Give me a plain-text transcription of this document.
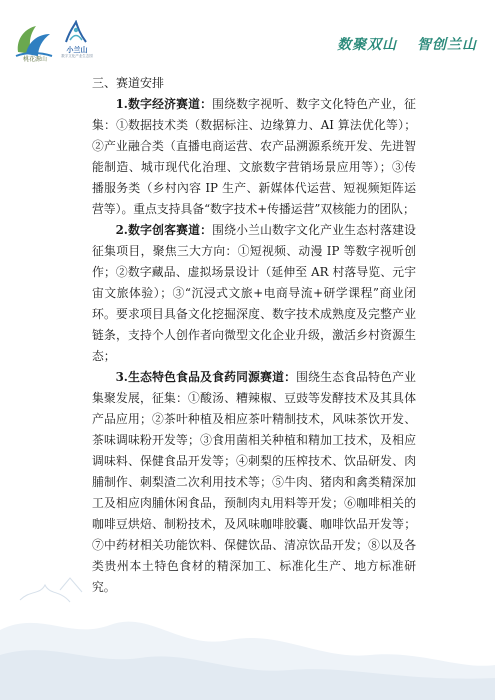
桃花源山
小兰山
数字文化产业生态园
数聚双山 智创兰山

三、赛道安排

1.数字经济赛道：围绕数字视听、数字文化特色产业，征集：①数据技术类（数据标注、边缘算力、AI 算法优化等）；②产业融合类（直播电商运营、农产品溯源系统开发、先进智能制造、城市现代化治理、文旅数字营销场景应用等）；③传播服务类（乡村內容 IP 生产、新媒体代运营、短视频矩阵运营等）。重点支持具备“数字技术+传播运营”双核能力的团队；

2.数字创客赛道：围绕小兰山数字文化产业生态村落建设征集项目，聚焦三大方向：①短视频、动漫 IP 等数字视听创作；②数字藏品、虚拟场景设计（延伸至 AR 村落导览、元宇宙文旅体验）；③“沉浸式文旅+电商导流+研学课程”商业闭环。要求项目具备文化挖掘深度、数字技术成熟度及完整产业链条，支持个人创作者向微型文化企业升级，激活乡村资源生态；

3.生态特色食品及食药同源赛道：围绕生态食品特色产业集聚发展，征集：①酸汤、糟辣椒、豆豉等发酵技术及其具体产品应用；②茶叶种植及相应茶叶精制技术，风味茶饮开发、茶味调味粉开发等；③食用菌相关种植和精加工技术，及相应调味料、保健食品开发等；④刺梨的压榨技术、饮品研发、肉脯制作、刺梨渣二次利用技术等；⑤牛肉、猪肉和禽类精深加工及相应肉脯休闲食品，预制肉丸用料等开发；⑥咖啡相关的咖啡豆烘焙、制粉技术，及风味咖啡胶囊、咖啡饮品开发等；⑦中药材相关功能饮料、保健饮品、清凉饮品开发；⑧以及各类贵州本土特色食材的精深加工、标准化生产、地方标准研究。
